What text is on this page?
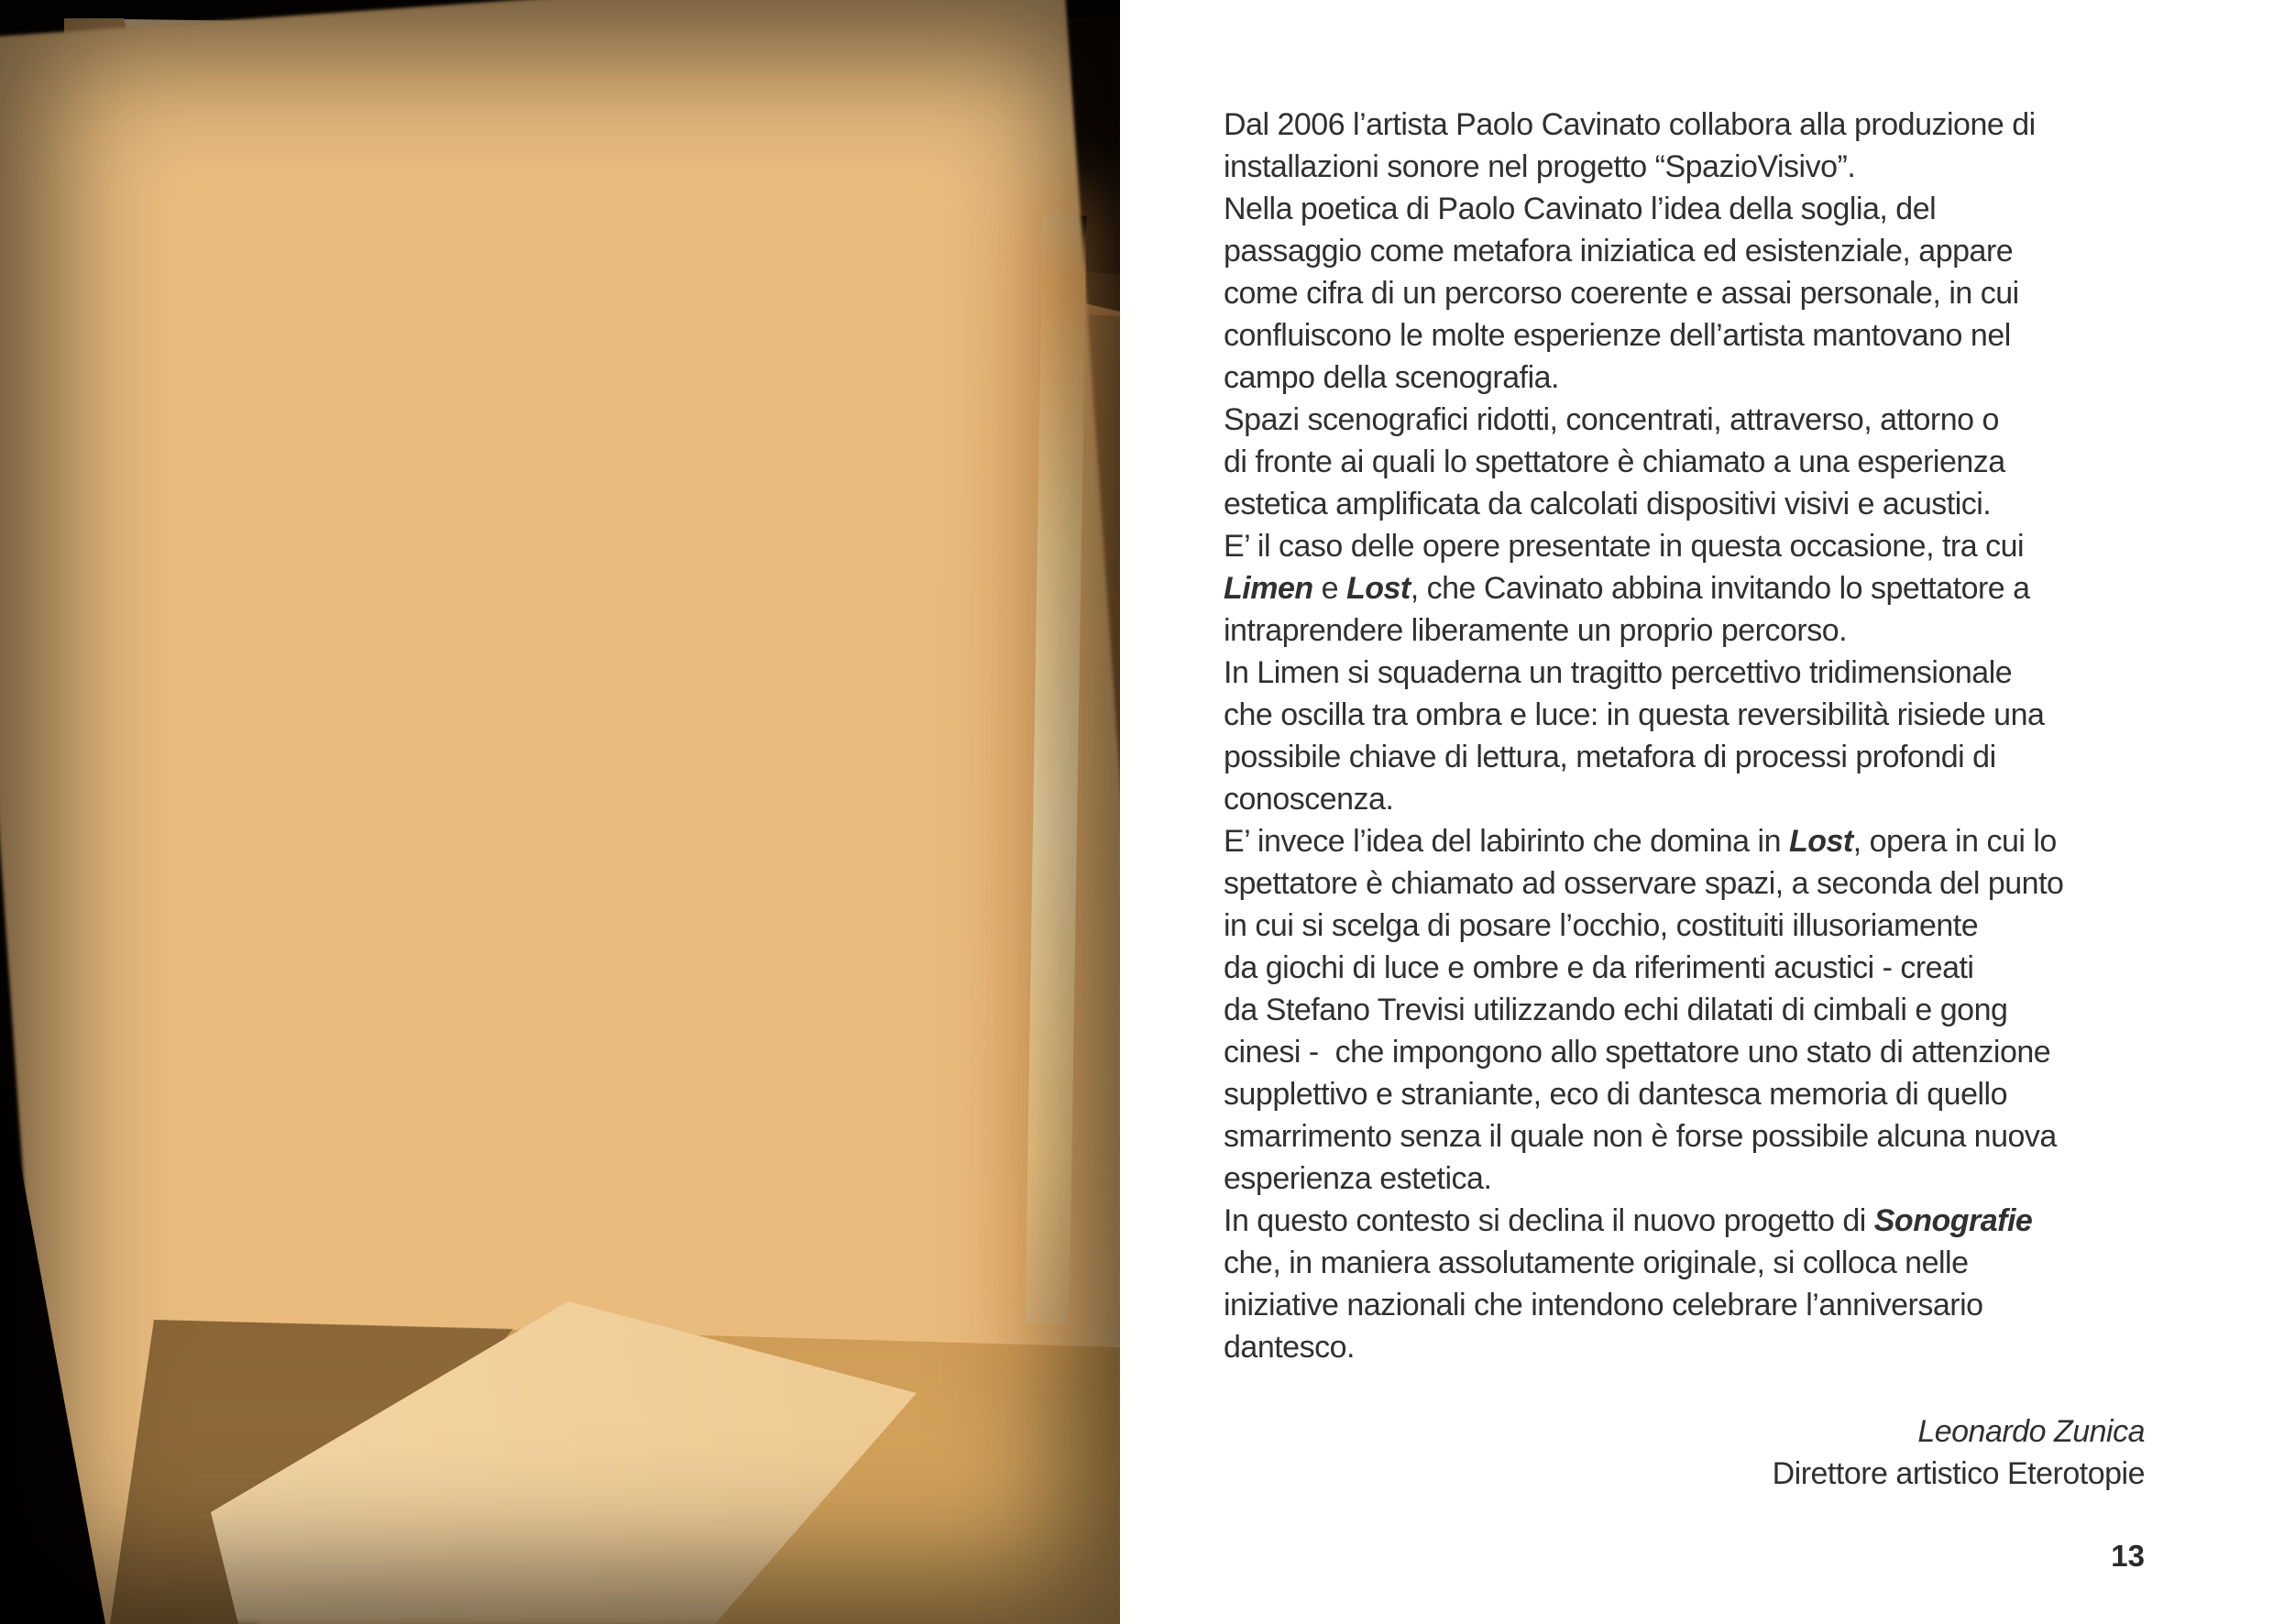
Dal 2006 l’artista Paolo Cavinato collabora alla produzione di
installazioni sonore nel progetto “SpazioVisivo”.
Nella poetica di Paolo Cavinato l’idea della soglia, del
passaggio come metafora iniziatica ed esistenziale, appare
come cifra di un percorso coerente e assai personale, in cui
confluiscono le molte esperienze dell’artista mantovano nel
campo della scenografia.
Spazi scenografici ridotti, concentrati, attraverso, attorno o
di fronte ai quali lo spettatore è chiamato a una esperienza
estetica amplificata da calcolati dispositivi visivi e acustici.
E’ il caso delle opere presentate in questa occasione, tra cui
Limen e Lost, che Cavinato abbina invitando lo spettatore a
intraprendere liberamente un proprio percorso.
In Limen si squaderna un tragitto percettivo tridimensionale
che oscilla tra ombra e luce: in questa reversibilità risiede una
possibile chiave di lettura, metafora di processi profondi di
conoscenza.
E’ invece l’idea del labirinto che domina in Lost, opera in cui lo
spettatore è chiamato ad osservare spazi, a seconda del punto
in cui si scelga di posare l’occhio, costituiti illusoriamente
da giochi di luce e ombre e da riferimenti acustici - creati
da Stefano Trevisi utilizzando echi dilatati di cimbali e gong
cinesi -  che impongono allo spettatore uno stato di attenzione
supplettivo e straniante, eco di dantesca memoria di quello
smarrimento senza il quale non è forse possibile alcuna nuova
esperienza estetica.
In questo contesto si declina il nuovo progetto di Sonografie
che, in maniera assolutamente originale, si colloca nelle
iniziative nazionali che intendono celebrare l’anniversario
dantesco.
Leonardo Zunica
Direttore artistico Eterotopie
13
